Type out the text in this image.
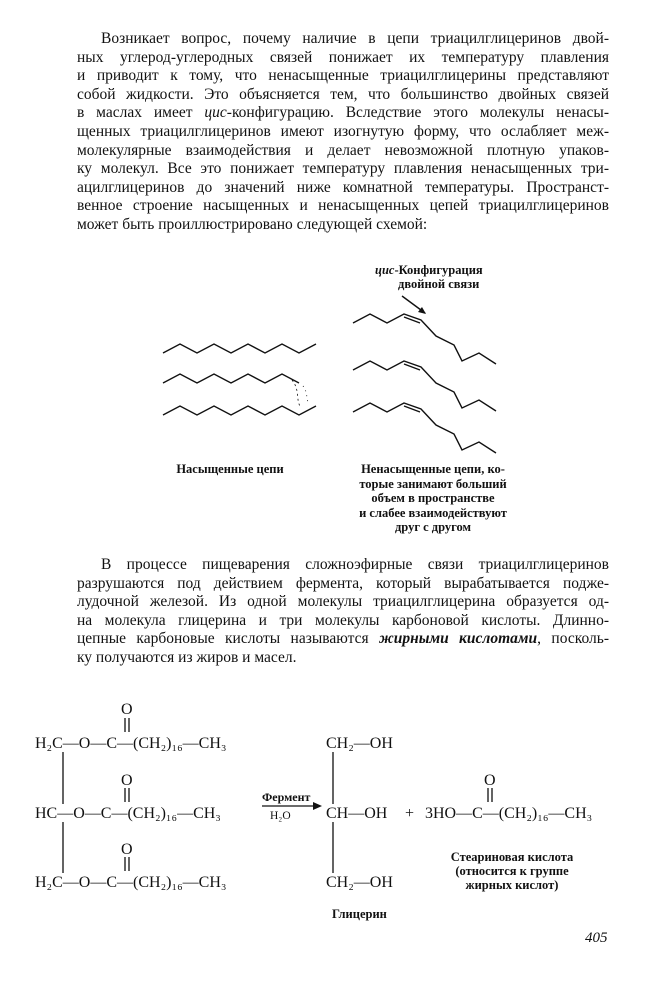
Возникает вопрос, почему наличие в цепи триацилглицеринов двой-
ных углерод-углеродных связей понижает их температуру плавления
и приводит к тому, что ненасыщенные триацилглицерины представляют
собой жидкости. Это объясняется тем, что большинство двойных связей
в маслах имеет цис-конфигурацию. Вследствие этого молекулы ненасы-
щенных триацилглицеринов имеют изогнутую форму, что ослабляет меж-
молекулярные взаимодействия и делает невозможной плотную упаков-
ку молекул. Все это понижает температуру плавления ненасыщенных три-
ацилглицеринов до значений ниже комнатной температуры. Пространст-
венное строение насыщенных и ненасыщенных цепей триацилглицеринов
может быть проиллюстрировано следующей схемой:
цис-Конфигурация
двойной связи
Насыщенные цепи	Ненасыщенные цепи, ко-
торые занимают больший
объем в пространстве
и слабее взаимодействуют
друг с другом
В процессе пищеварения сложноэфирные связи триацилглицеринов
разрушаются под действием фермента, который вырабатывается подже-
лудочной железой. Из одной молекулы триацилглицерина образуется од-
на молекула глицерина и три молекулы карбоновой кислоты. Длинно-
цепные карбоновые кислоты называются жирными кислотами, посколь-
ку получаются из жиров и масел.
O
O
O
O
H₂C—O—C—(CH₂)₁₆—CH₃
HC—O—C—(CH₂)₁₆—CH₃
H₂C—O—C—(CH₂)₁₆—CH₃
CH₂—OH
CH—OH
CH₂—OH
+ 3HO—C—(CH₂)₁₆—CH₃
Фермент
H₂O
Глицерин
Стеариновая кислота
(относится к группе
жирных кислот)
405
